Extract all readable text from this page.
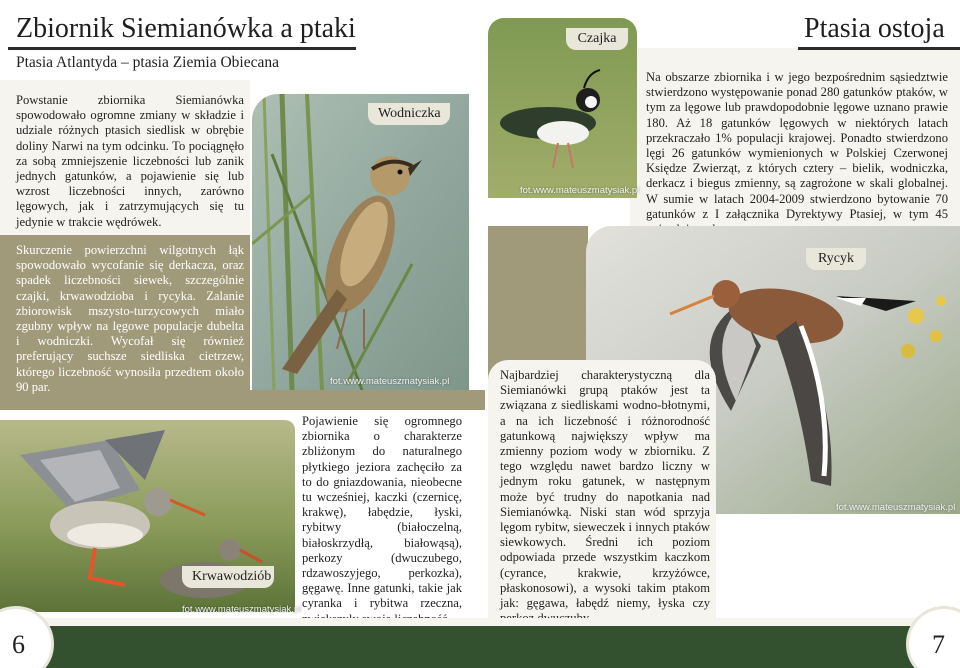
Zbiornik Siemianówka a ptaki
Ptasia Atlantyda – ptasia Ziemia Obiecana

Powstanie zbiornika Siemianówka spowodowało ogromne zmiany w składzie i udziale różnych ptasich siedlisk w obrębie doliny Narwi na tym odcinku. To pociągnęło za sobą zmniejszenie liczebności lub zanik jednych gatunków, a pojawienie się lub wzrost liczebności innych, zarówno lęgowych, jak i zatrzymujących się tu jedynie w trakcie wędrówek.

Skurczenie powierzchni wilgotnych łąk spowodowało wycofanie się derkacza, oraz spadek liczebności siewek, szczególnie czajki, krwawodzioba i rycyka. Zalanie zbiorowisk mszysto-turzycowych miało zgubny wpływ na lęgowe populacje dubelta i wodniczki. Wycofał się również preferujący suchsze siedliska cietrzew, którego liczebność wynosiła przedtem około 90 par.

Wodniczka
fot.www.mateuszmatysiak.pl

Pojawienie się ogromnego zbiornika o charakterze zbliżonym do naturalnego płytkiego jeziora zachęciło za to do gniazdowania, nieobecne tu wcześniej, kaczki (czernicę, krakwę), łabędzie, łyski, rybitwy (białoczelną, białoskrzydłą, białowąsą), perkozy (dwuczubego, rdzawoszyjego, perkozka), gęgawę. Inne gatunki, takie jak cyranka i rybitwa rzeczna,

Krwawodziób
fot.www.mateuszmatysiak.pl
Ptasia ostoja
Czajka
fot.www.mateuszmatysiak.pl

Na obszarze zbiornika i w jego bezpośrednim sąsiedztwie stwierdzono występowanie ponad 280 gatunków ptaków, w tym za lęgowe lub prawdopodobnie lęgowe uznano prawie 180. Aż 18 gatunków lęgowych w niektórych latach przekraczało 1% populacji krajowej. Ponadto stwierdzono lęgi 26 gatunków wymienionych w Polskiej Czerwonej Księdze Zwierząt, z których cztery – bielik, wodniczka, derkacz i biegus zmienny, są zagrożone w skali globalnej. W sumie w latach 2004-2009 stwierdzono bytowanie 70 gatunków z I załącznika Dyrektywy Ptasiej, w tym 45

Rycyk
fot.www.mateuszmatysiak.pl

Najbardziej charakterystyczną dla Siemianówki grupą ptaków jest ta związana z siedliskami wodno-błotnymi, a na ich liczebność i różnorodność gatunkową największy wpływ ma zmienny poziom wody w zbiorniku. Z tego względu nawet bardzo liczny w jednym roku gatunek, w następnym może być trudny do napotkania nad Siemianówką. Niski stan wód sprzyja lęgom rybitw, sieweczek i innych ptaków siewkowych. Średni ich poziom odpowiada przede wszystkim kaczkom (cyrance, krakwie, krzyżówce, płaskonosowi), a wysoki takim ptakom jak: gęgawa, łabędź niemy, łyska czy

6	7
